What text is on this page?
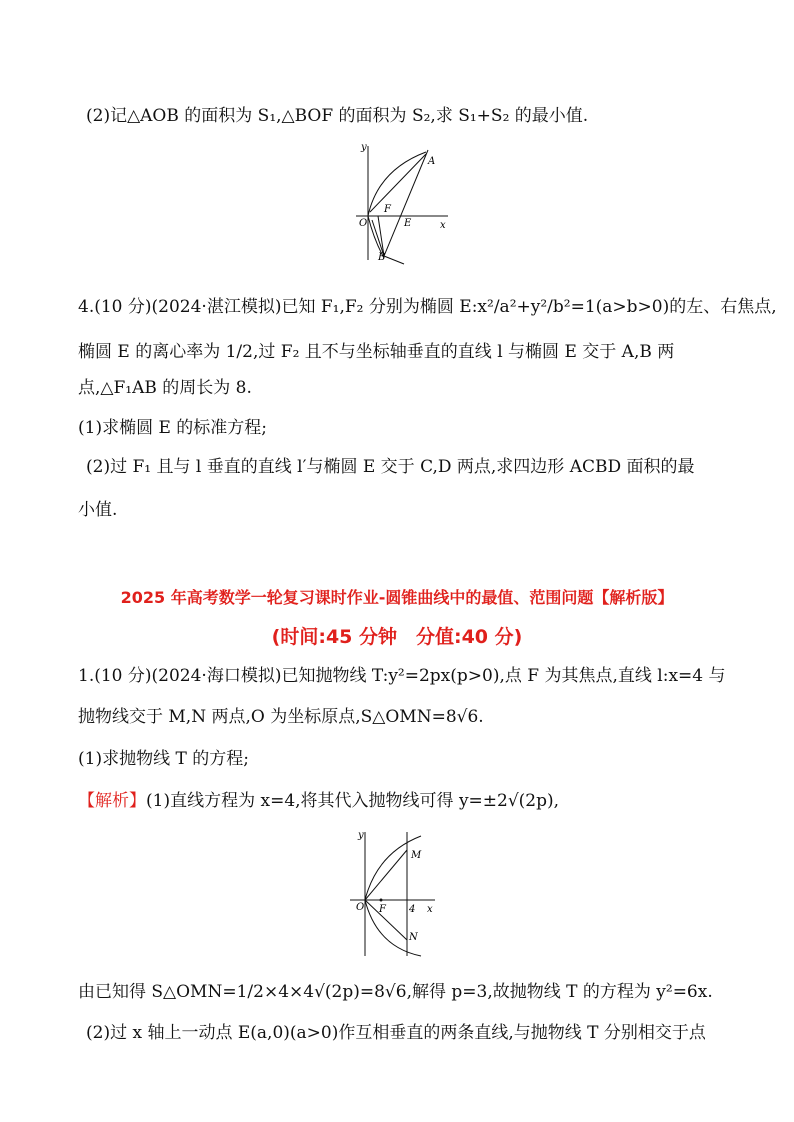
(2)记△AOB 的面积为 S₁,△BOF 的面积为 S₂,求 S₁+S₂ 的最小值.
y
x
O
F
E
A
B
4.(10 分)(2024·湛江模拟)已知 F₁,F₂ 分别为椭圆 E:x²/a²+y²/b²=1(a>b>0)的左、右焦点,
椭圆 E 的离心率为 1/2,过 F₂ 且不与坐标轴垂直的直线 l 与椭圆 E 交于 A,B 两
点,△F₁AB 的周长为 8.
(1)求椭圆 E 的标准方程;
(2)过 F₁ 且与 l 垂直的直线 l′与椭圆 E 交于 C,D 两点,求四边形 ACBD 面积的最
小值.
2025 年高考数学一轮复习课时作业-圆锥曲线中的最值、范围问题【解析版】
(时间:45 分钟　分值:40 分)
1.(10 分)(2024·海口模拟)已知抛物线 T:y²=2px(p>0),点 F 为其焦点,直线 l:x=4 与
抛物线交于 M,N 两点,O 为坐标原点,S△OMN=8√6.
(1)求抛物线 T 的方程;
【解析】(1)直线方程为 x=4,将其代入抛物线可得 y=±2√(2p),
y
x
O F 4
M
N
由已知得 S△OMN=1/2×4×4√(2p)=8√6,解得 p=3,故抛物线 T 的方程为 y²=6x.
(2)过 x 轴上一动点 E(a,0)(a>0)作互相垂直的两条直线,与抛物线 T 分别相交于点
